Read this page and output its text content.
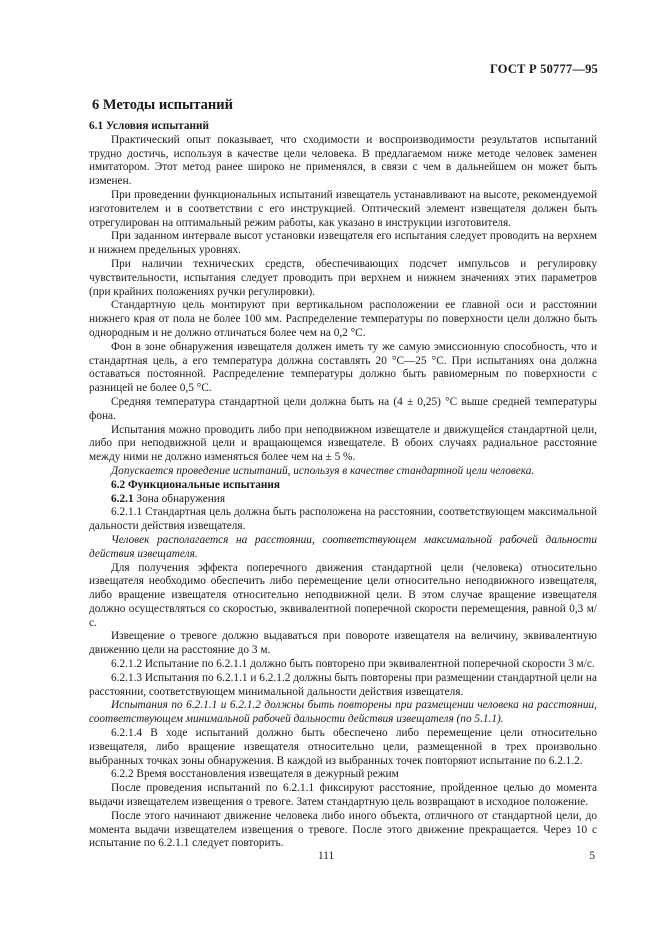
ГОСТ Р 50777—95
6 Методы испытаний

6.1 Условия испытаний

Практический опыт показывает, что сходимости и воспроизводимости результатов испытаний трудно достичь, используя в качестве цели человека. В предлагаемом ниже методе человек заменен имитатором. Этот метод ранее широко не применялся, в связи с чем в дальнейшем он может быть изменен.

При проведении функциональных испытаний извещатель устанавливают на высоте, рекомендуемой изготовителем и в соответствии с его инструкцией. Оптический элемент извещателя должен быть отрегулирован на оптимальный режим работы, как указано в инструкции изготовителя.

При заданном интервале высот установки извещателя его испытания следует проводить на верхнем и нижнем предельных уровнях.

При наличии технических средств, обеспечивающих подсчет импульсов и регулировку чувствительности, испытания следует проводить при верхнем и нижнем значениях этих параметров (при крайних положениях ручки регулировки).

Стандартную цель монтируют при вертикальном расположении ее главной оси и расстоянии нижнего края от пола не более 100 мм. Распределение температуры по поверхности цели должно быть однородным и не должно отличаться более чем на 0,2 °С.

Фон в зоне обнаружения извещателя должен иметь ту же самую эмиссионную способность, что и стандартная цель, а его температура должна составлять 20 °С—25 °С. При испытаниях она должна оставаться постоянной. Распределение температуры должно быть равиомерным по поверхности с разницей не более 0,5 °С.

Средняя температура стандартной цели должна быть на (4 ± 0,25) °С выше средней температуры фона.

Испытания можно проводить либо при неподвижном извещателе и движущейся стандартной цели, либо при неподвижной цели и вращающемся извещателе. В обоих случаях радиальное расстояние между ними не должно изменяться более чем на ± 5 %.

Допускается проведение испытаний, используя в качестве стандартной цели человека.

6.2 Функциональные испытания

6.2.1 Зона обнаружения

6.2.1.1 Стандартная цель должна быть расположена на расстоянии, соответствующем максимальной дальности действия извещателя.

Человек располагается на расстоянии, соответствующем максимальной рабочей дальности действия извещателя.

Для получения эффекта поперечного движения стандартной цели (человека) относительно извещателя необходимо обеспечить либо перемещение цели относительно неподвижного извещателя, либо вращение извещателя относительно неподвижной цели. В этом случае вращение извещателя должно осуществляться со скоростью, эквивалентной поперечной скорости перемещения, равной 0,3 м/с.

Извещение о тревоге должно выдаваться при повороте извещателя на величину, эквивалентную движению цели на расстояние до 3 м.

6.2.1.2 Испытание по 6.2.1.1 должно быть повторено при эквивалентной поперечной скорости 3 м/с.

6.2.1.3 Испытания по 6.2.1.1 и 6.2.1.2 должны быть повторены при размещении стандартной цели на расстоянии, соответствующем минимальной дальности действия извещателя.

Испытания по 6.2.1.1 и 6.2.1.2 должны быть повторены при размещении человека на расстоянии, соответствующем минимальной рабочей дальности действия извещателя (по 5.1.1).

6.2.1.4 В ходе испытаний должно быть обеспечено либо перемещение цели относительно извещателя, либо вращение извещателя относительно цели, размещенной в трех произвольно выбранных точках зоны обнаружения. В каждой из выбранных точек повторяют испытание по 6.2.1.2.

6.2.2 Время восстановления извещателя в дежурный режим

После проведения испытаний по 6.2.1.1 фиксируют расстояние, пройденное целью до момента выдачи извещателем извещения о тревоге. Затем стандартную цель возвращают в исходное положение.

После этого начинают движение человека либо иного объекта, отличного от стандартной цели, до момента выдачи извещателем извещения о тревоге. После этого движение прекращается. Через 10 с испытание по 6.2.1.1 следует повторить.

111	5
